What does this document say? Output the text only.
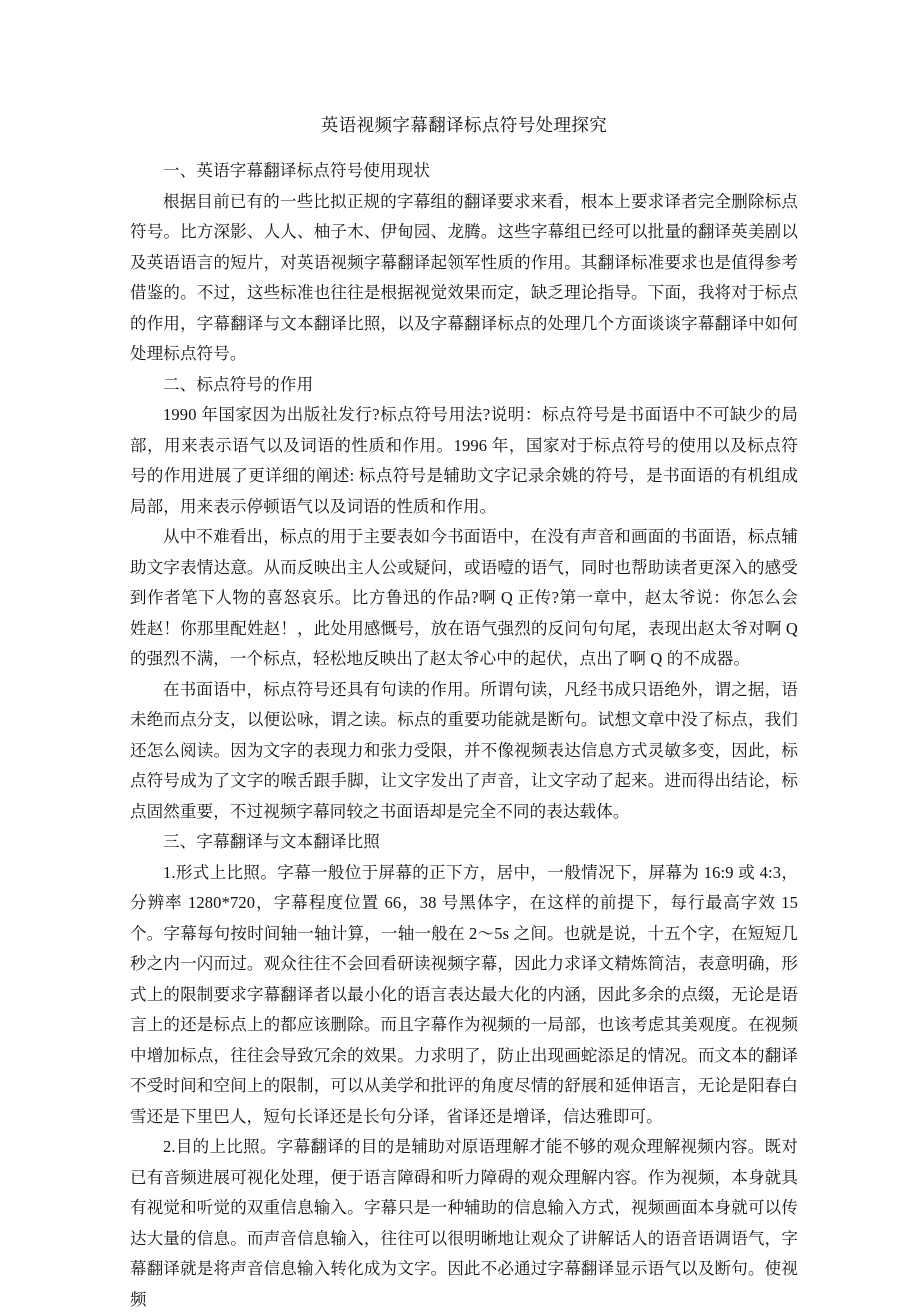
英语视频字幕翻译标点符号处理探究

一、英语字幕翻译标点符号使用现状

根据目前已有的一些比拟正规的字幕组的翻译要求来看，根本上要求译者完全删除标点符号。比方深影、人人、柚子木、伊甸园、龙腾。这些字幕组已经可以批量的翻译英美剧以及英语语言的短片，对英语视频字幕翻译起领军性质的作用。其翻译标准要求也是值得参考借鉴的。不过，这些标准也往往是根据视觉效果而定，缺乏理论指导。下面，我将对于标点的作用，字幕翻译与文本翻译比照，以及字幕翻译标点的处理几个方面谈谈字幕翻译中如何处理标点符号。

二、标点符号的作用

1990 年国家因为出版社发行?标点符号用法?说明：标点符号是书面语中不可缺少的局部，用来表示语气以及词语的性质和作用。1996 年，国家对于标点符号的使用以及标点符号的作用进展了更详细的阐述: 标点符号是辅助文字记录余姚的符号，是书面语的有机组成局部，用来表示停顿语气以及词语的性质和作用。

从中不难看出，标点的用于主要表如今书面语中，在没有声音和画面的书面语，标点辅助文字表情达意。从而反映出主人公或疑问，或语噎的语气，同时也帮助读者更深入的感受到作者笔下人物的喜怒哀乐。比方鲁迅的作品?啊 Q 正传?第一章中，赵太爷说：你怎么会姓赵！你那里配姓赵！，此处用感慨号，放在语气强烈的反问句句尾，表现出赵太爷对啊 Q 的强烈不满，一个标点，轻松地反映出了赵太爷心中的起伏，点出了啊 Q 的不成器。

在书面语中，标点符号还具有句读的作用。所谓句读，凡经书成只语绝外，谓之据，语未绝而点分支，以便讼咏，谓之读。标点的重要功能就是断句。试想文章中没了标点，我们还怎么阅读。因为文字的表现力和张力受限，并不像视频表达信息方式灵敏多变，因此，标点符号成为了文字的喉舌跟手脚，让文字发出了声音，让文字动了起来。进而得出结论，标点固然重要，不过视频字幕同较之书面语却是完全不同的表达载体。

三、字幕翻译与文本翻译比照

1.形式上比照。字幕一般位于屏幕的正下方，居中，一般情况下，屏幕为 16:9 或 4:3，分辨率 1280*720，字幕程度位置 66，38 号黑体字，在这样的前提下，每行最高字效 15 个。字幕每句按时间轴一轴计算，一轴一般在 2～5s 之间。也就是说，十五个字，在短短几秒之内一闪而过。观众往往不会回看研读视频字幕，因此力求译文精炼简洁，表意明确，形式上的限制要求字幕翻译者以最小化的语言表达最大化的内涵，因此多余的点缀，无论是语言上的还是标点上的都应该删除。而且字幕作为视频的一局部，也该考虑其美观度。在视频中增加标点，往往会导致冗余的效果。力求明了，防止出现画蛇添足的情况。而文本的翻译不受时间和空间上的限制，可以从美学和批评的角度尽情的舒展和延伸语言，无论是阳春白雪还是下里巴人，短句长译还是长句分译，省译还是增译，信达雅即可。

2.目的上比照。字幕翻译的目的是辅助对原语理解才能不够的观众理解视频内容。既对已有音频进展可视化处理，便于语言障碍和听力障碍的观众理解内容。作为视频，本身就具有视觉和听觉的双重信息输入。字幕只是一种辅助的信息输入方式，视频画面本身就可以传达大量的信息。而声音信息输入，往往可以很明晰地让观众了讲解话人的语音语调语气，字幕翻译就是将声音信息输入转化成为文字。因此不必通过字幕翻译显示语气以及断句。使视频
